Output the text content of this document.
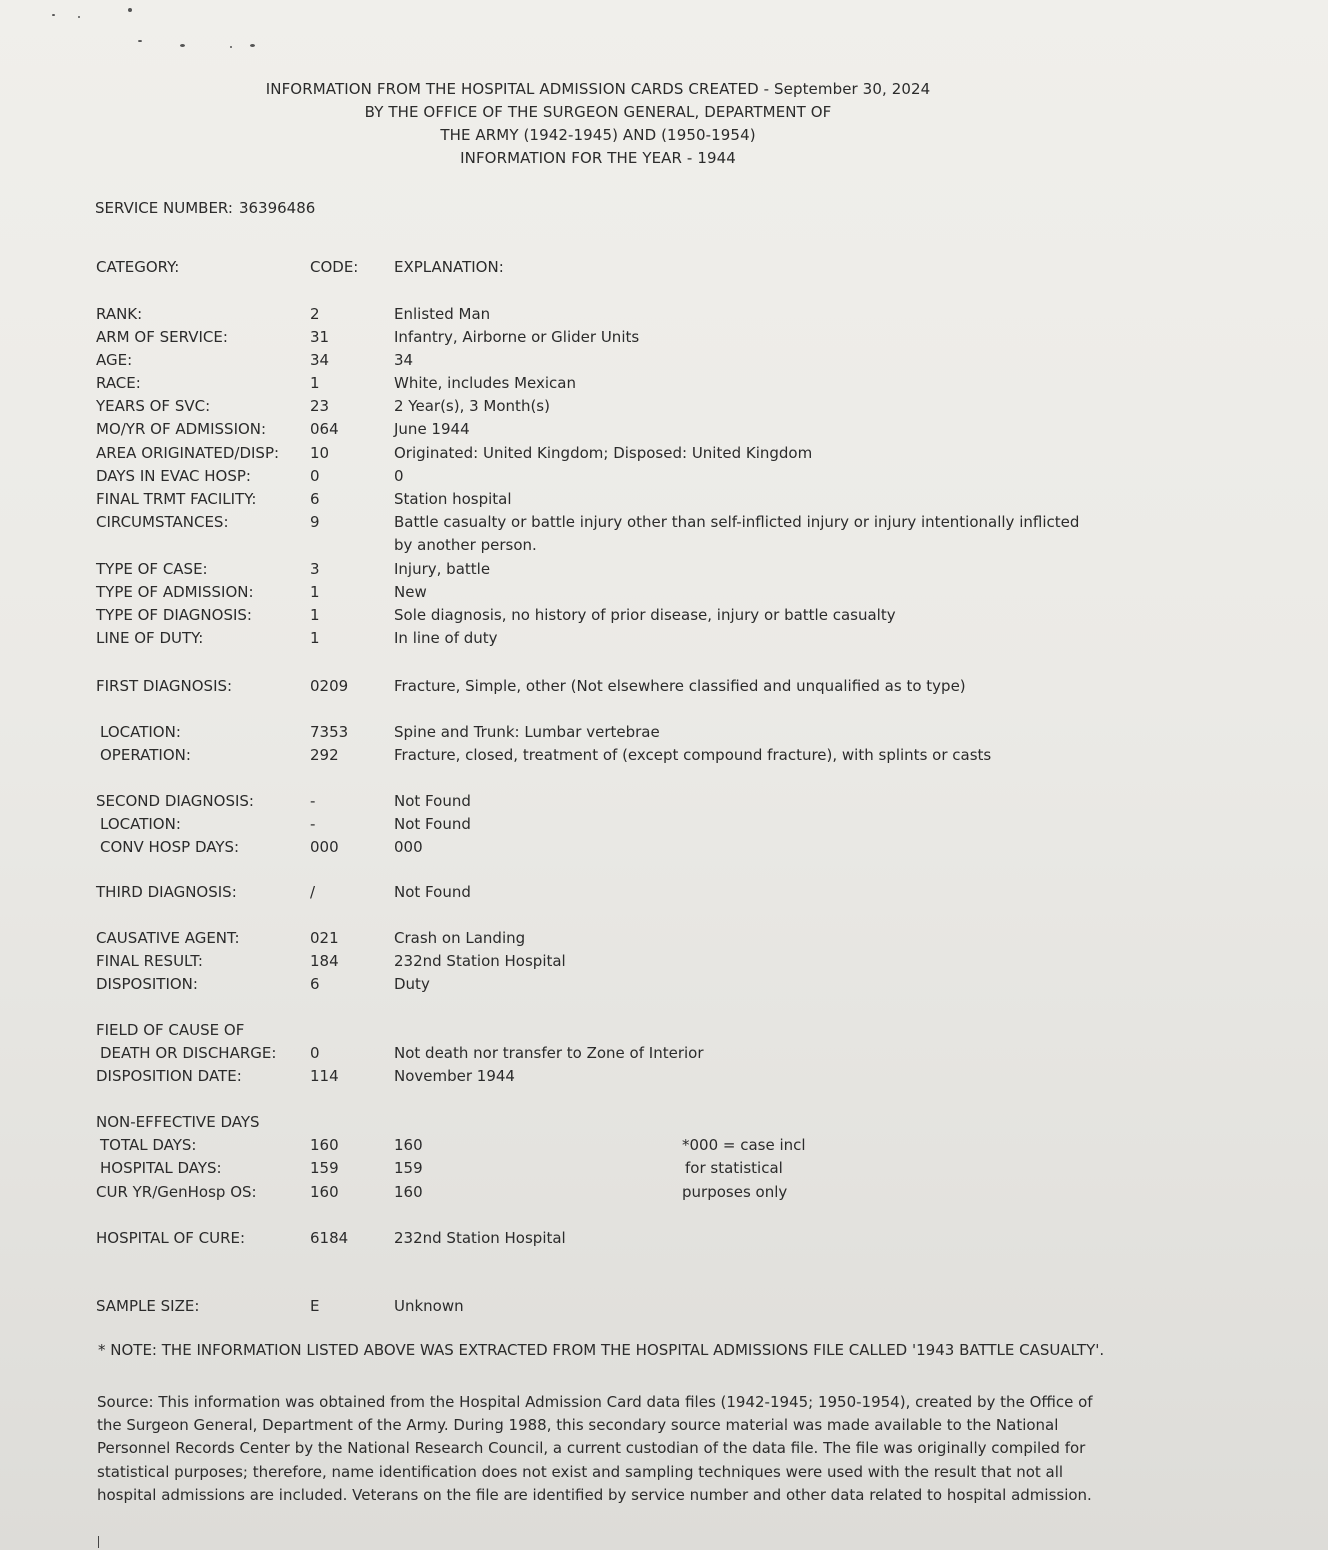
INFORMATION FROM THE HOSPITAL ADMISSION CARDS CREATED - September 30, 2024
BY THE OFFICE OF THE SURGEON GENERAL, DEPARTMENT OF
THE ARMY (1942-1945) AND (1950-1954)
INFORMATION FOR THE YEAR - 1944
SERVICE NUMBER: 36396486
CATEGORY:	CODE: EXPLANATION:
RANK:	2	Enlisted Man
ARM OF SERVICE:	31	Infantry, Airborne or Glider Units
AGE:	34	34
RACE:	1	White, includes Mexican
YEARS OF SVC:	23	2 Year(s), 3 Month(s)
MO/YR OF ADMISSION:	064	June 1944
AREA ORIGINATED/DISP: 10	Originated: United Kingdom; Disposed: United Kingdom
DAYS IN EVAC HOSP:	0	0
FINAL TRMT FACILITY:	6	Station hospital
CIRCUMSTANCES:	9	Battle casualty or battle injury other than self-inflicted injury or injury intentionally inflicted by another person.
TYPE OF CASE:	3	Injury, battle
TYPE OF ADMISSION:	1	New
TYPE OF DIAGNOSIS:	1	Sole diagnosis, no history of prior disease, injury or battle casualty
LINE OF DUTY:	1	In line of duty
FIRST DIAGNOSIS:	0209	Fracture, Simple, other (Not elsewhere classified and unqualified as to type)
LOCATION:	7353	Spine and Trunk: Lumbar vertebrae
OPERATION:	292	Fracture, closed, treatment of (except compound fracture), with splints or casts
SECOND DIAGNOSIS:	-	Not Found
LOCATION:	-	Not Found
CONV HOSP DAYS:	000	000
THIRD DIAGNOSIS:	/	Not Found
CAUSATIVE AGENT:	021	Crash on Landing
FINAL RESULT:	184	232nd Station Hospital
DISPOSITION:	6	Duty
FIELD OF CAUSE OF
DEATH OR DISCHARGE: 0	Not death nor transfer to Zone of Interior
DISPOSITION DATE:	114	November 1944
NON-EFFECTIVE DAYS
TOTAL DAYS:	160	160	*000 = case incl
HOSPITAL DAYS:	159	159	for statistical
CUR YR/GenHosp OS:	160	160	purposes only
HOSPITAL OF CURE:	6184	232nd Station Hospital
SAMPLE SIZE:	E	Unknown
* NOTE: THE INFORMATION LISTED ABOVE WAS EXTRACTED FROM THE HOSPITAL ADMISSIONS FILE CALLED '1943 BATTLE CASUALTY'.
Source: This information was obtained from the Hospital Admission Card data files (1942-1945; 1950-1954), created by the Office of the Surgeon General, Department of the Army. During 1988, this secondary source material was made available to the National Personnel Records Center by the National Research Council, a current custodian of the data file. The file was originally compiled for statistical purposes; therefore, name identification does not exist and sampling techniques were used with the result that not all hospital admissions are included. Veterans on the file are identified by service number and other data related to hospital admission.
